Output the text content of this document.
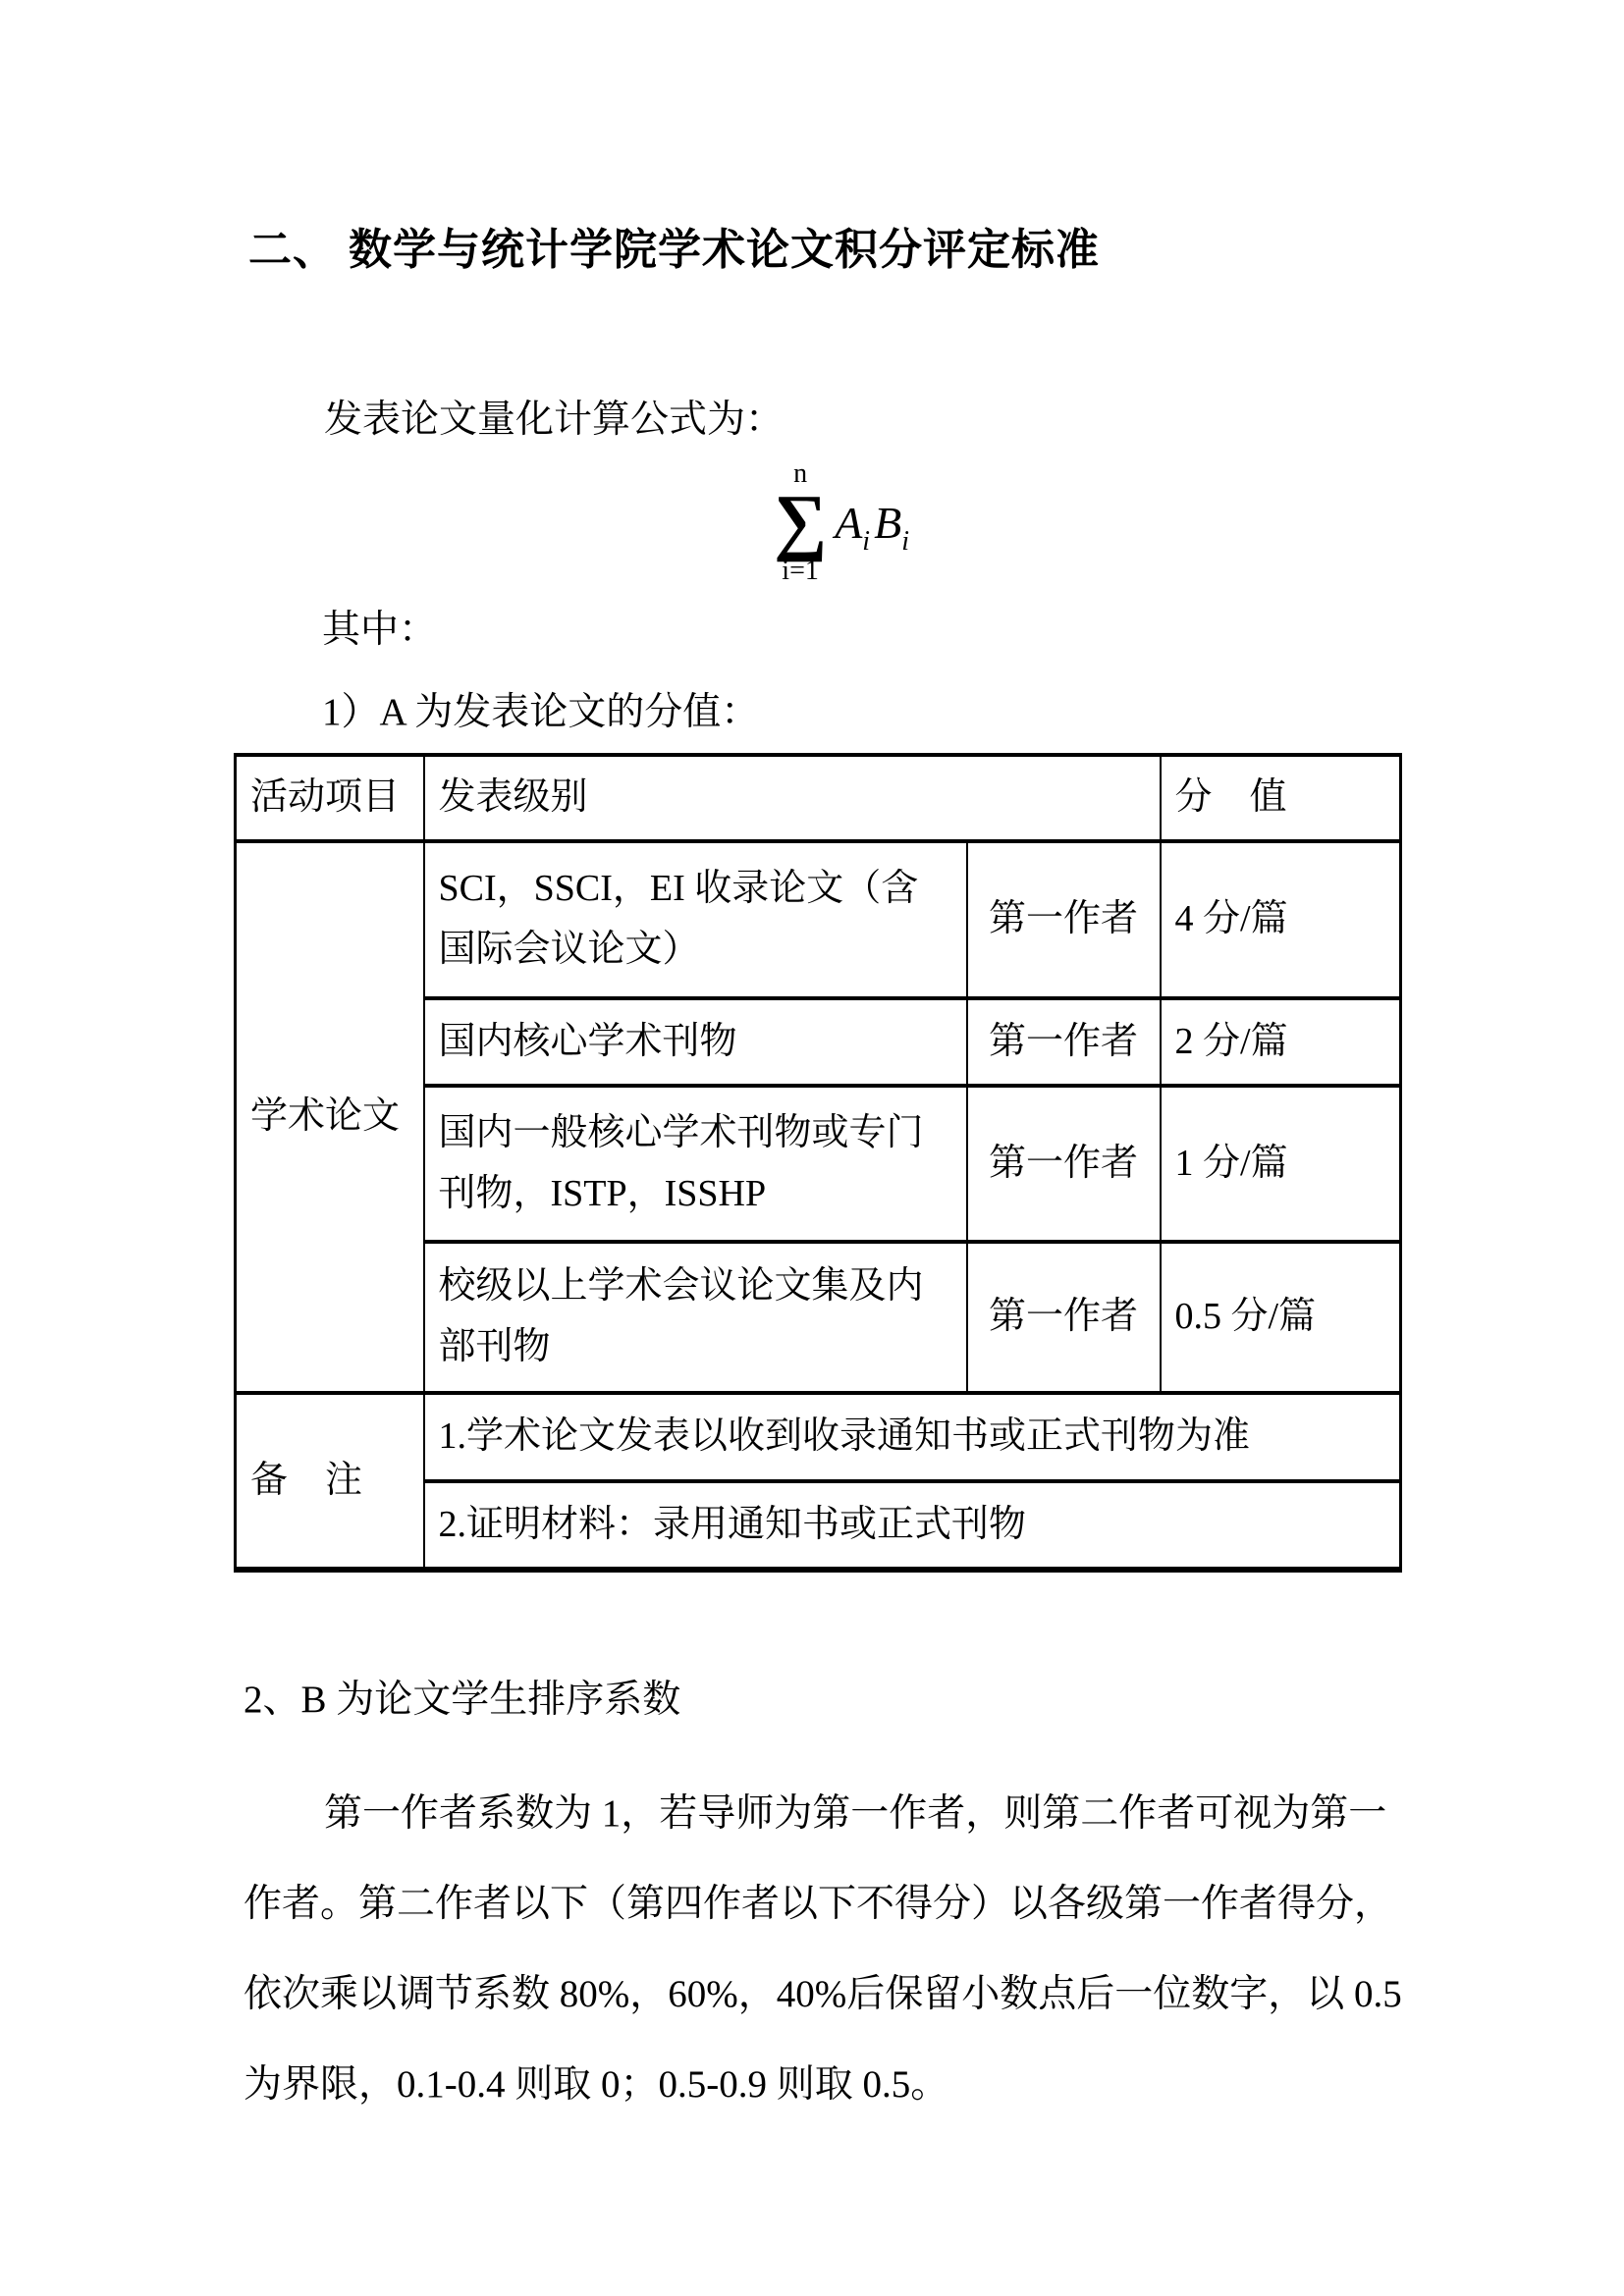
二、 数学与统计学院学术论文积分评定标准
发表论文量化计算公式为：
n
∑
i=1
A i B i
其中：
1）A 为发表论文的分值：
活动项目	发表级别		分　值
学术论文	SCI，SSCI，EI 收录论文（含国际会议论文）	第一作者	4 分/篇
	国内核心学术刊物	第一作者	2 分/篇
	国内一般核心学术刊物或专门刊物，ISTP，ISSHP	第一作者	1 分/篇
	校级以上学术会议论文集及内部刊物	第一作者	0.5 分/篇
备　注	1.学术论文发表以收到收录通知书或正式刊物为准		
	2.证明材料：录用通知书或正式刊物		
2、B 为论文学生排序系数
第一作者系数为 1，若导师为第一作者，则第二作者可视为第一
作者。第二作者以下（第四作者以下不得分）以各级第一作者得分，
依次乘以调节系数 80%，60%，40%后保留小数点后一位数字，以 0.5
为界限，0.1-0.4 则取 0；0.5-0.9 则取 0.5。
